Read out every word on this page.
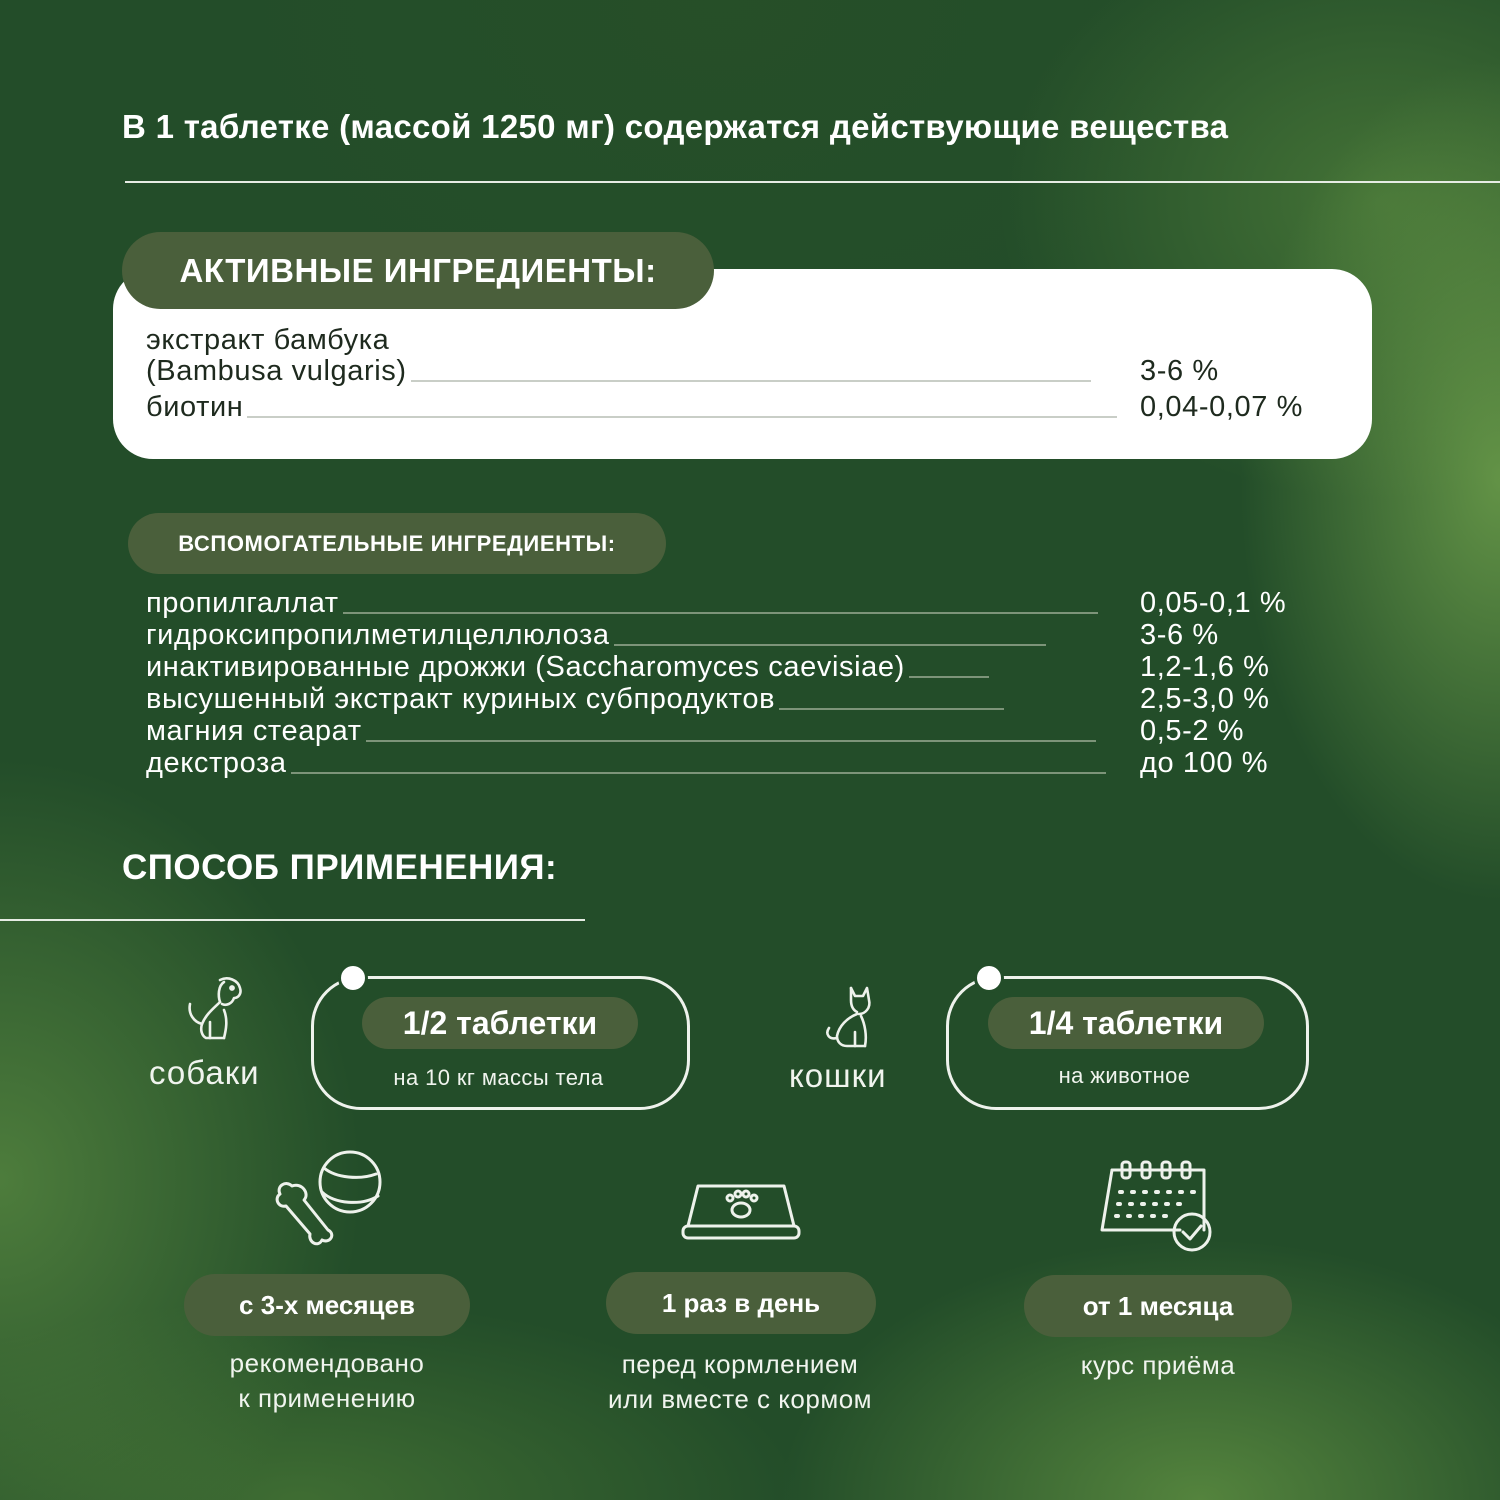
В 1 таблетке (массой 1250 мг) содержатся действующие вещества
АКТИВНЫЕ ИНГРЕДИЕНТЫ:
экстракт бамбука
(Bambusa vulgaris)	3-6 %
биотин	0,04-0,07 %
ВСПОМОГАТЕЛЬНЫЕ ИНГРЕДИЕНТЫ:
пропилгаллат	0,05-0,1 %
гидроксипропилметилцеллюлоза	3-6 %
инактивированные дрожжи (Saccharomyces caevisiae)	1,2-1,6 %
высушенный экстракт куриных субпродуктов	2,5-3,0 %
магния стеарат	0,5-2 %
декстроза	до 100 %
СПОСОБ ПРИМЕНЕНИЯ:
собаки
1/2 таблетки
на 10 кг массы тела	кошки
1/4 таблетки
на животное
с 3-х месяцев
рекомендовано
к применению
1 раз в день
перед кормлением
или вместе с кормом
от 1 месяца
курс приёма
